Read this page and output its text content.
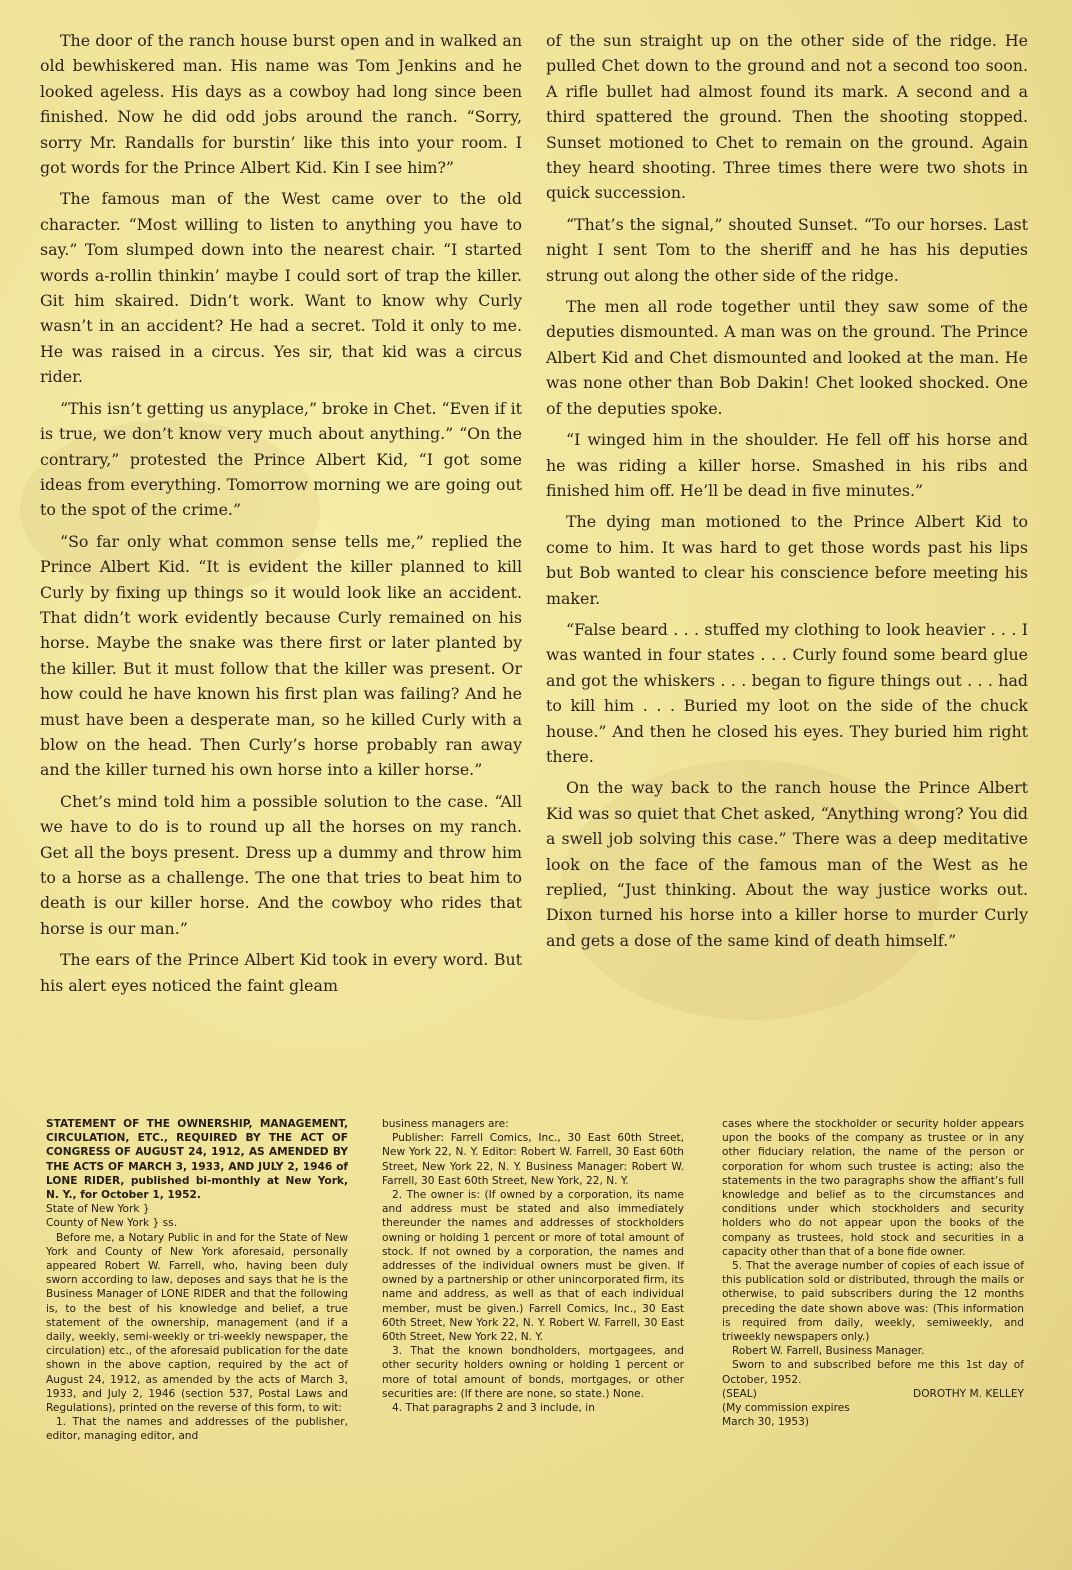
The door of the ranch house burst open and in walked an old bewhiskered man. His name was Tom Jenkins and he looked ageless. His days as a cowboy had long since been finished. Now he did odd jobs around the ranch. “Sorry, sorry Mr. Randalls for burstin’ like this into your room. I got words for the Prince Albert Kid. Kin I see him?”

The famous man of the West came over to the old character. “Most willing to listen to anything you have to say.” Tom slumped down into the nearest chair. “I started words a-rollin thinkin’ maybe I could sort of trap the killer. Git him skaired. Didn’t work. Want to know why Curly wasn’t in an accident? He had a secret. Told it only to me. He was raised in a circus. Yes sir, that kid was a circus rider.

“This isn’t getting us anyplace,” broke in Chet. “Even if it is true, we don’t know very much about anything.” “On the contrary,” protested the Prince Albert Kid, “I got some ideas from everything. Tomorrow morning we are going out to the spot of the crime.”

“So far only what common sense tells me,” replied the Prince Albert Kid. “It is evident the killer planned to kill Curly by fixing up things so it would look like an accident. That didn’t work evidently because Curly remained on his horse. Maybe the snake was there first or later planted by the killer. But it must follow that the killer was present. Or how could he have known his first plan was failing? And he must have been a desperate man, so he killed Curly with a blow on the head. Then Curly’s horse probably ran away and the killer turned his own horse into a killer horse.”

Chet’s mind told him a possible solution to the case. “All we have to do is to round up all the horses on my ranch. Get all the boys present. Dress up a dummy and throw him to a horse as a challenge. The one that tries to beat him to death is our killer horse. And the cowboy who rides that horse is our man.”

The ears of the Prince Albert Kid took in every word. But his alert eyes noticed the faint gleam

of the sun straight up on the other side of the ridge. He pulled Chet down to the ground and not a second too soon. A rifle bullet had almost found its mark. A second and a third spattered the ground. Then the shooting stopped. Sunset motioned to Chet to remain on the ground. Again they heard shooting. Three times there were two shots in quick succession.

“That’s the signal,” shouted Sunset. “To our horses. Last night I sent Tom to the sheriff and he has his deputies strung out along the other side of the ridge.

The men all rode together until they saw some of the deputies dismounted. A man was on the ground. The Prince Albert Kid and Chet dismounted and looked at the man. He was none other than Bob Dakin! Chet looked shocked. One of the deputies spoke.

“I winged him in the shoulder. He fell off his horse and he was riding a killer horse. Smashed in his ribs and finished him off. He’ll be dead in five minutes.”

The dying man motioned to the Prince Albert Kid to come to him. It was hard to get those words past his lips but Bob wanted to clear his conscience before meeting his maker.

“False beard . . . stuffed my clothing to look heavier . . . I was wanted in four states . . . Curly found some beard glue and got the whiskers . . . began to figure things out . . . had to kill him . . . Buried my loot on the side of the chuck house.” And then he closed his eyes. They buried him right there.

On the way back to the ranch house the Prince Albert Kid was so quiet that Chet asked, “Anything wrong? You did a swell job solving this case.” There was a deep meditative look on the face of the famous man of the West as he replied, “Just thinking. About the way justice works out. Dixon turned his horse into a killer horse to murder Curly and gets a dose of the same kind of death himself.”

STATEMENT OF THE OWNERSHIP, MANAGEMENT, CIRCULATION, ETC., REQUIRED BY THE ACT OF CONGRESS OF AUGUST 24, 1912, AS AMENDED BY THE ACTS OF MARCH 3, 1933, AND JULY 2, 1946 of LONE RIDER, published bi-monthly at New York, N. Y., for October 1, 1952.

State of New York }

County of New York } ss.

Before me, a Notary Public in and for the State of New York and County of New York aforesaid, personally appeared Robert W. Farrell, who, having been duly sworn according to law, deposes and says that he is the Business Manager of LONE RIDER and that the following is, to the best of his knowledge and belief, a true statement of the ownership, management (and if a daily, weekly, semi-weekly or tri-weekly newspaper, the circulation) etc., of the aforesaid publication for the date shown in the above caption, required by the act of August 24, 1912, as amended by the acts of March 3, 1933, and July 2, 1946 (section 537, Postal Laws and Regulations), printed on the reverse of this form, to wit:

1. That the names and addresses of the publisher, editor, managing editor, and

business managers are:

Publisher: Farrell Comics, Inc., 30 East 60th Street, New York 22, N. Y. Editor: Robert W. Farrell, 30 East 60th Street, New York 22, N. Y. Business Manager: Robert W. Farrell, 30 East 60th Street, New York, 22, N. Y.

2. The owner is: (If owned by a corporation, its name and address must be stated and also immediately thereunder the names and addresses of stockholders owning or holding 1 percent or more of total amount of stock. If not owned by a corporation, the names and addresses of the individual owners must be given. If owned by a partnership or other unincorporated firm, its name and address, as well as that of each individual member, must be given.) Farrell Comics, Inc., 30 East 60th Street, New York 22, N. Y. Robert W. Farrell, 30 East 60th Street, New York 22, N. Y.

3. That the known bondholders, mortgagees, and other security holders owning or holding 1 percent or more of total amount of bonds, mortgages, or other securities are: (If there are none, so state.) None.

4. That paragraphs 2 and 3 include, in

cases where the stockholder or security holder appears upon the books of the company as trustee or in any other fiduciary relation, the name of the person or corporation for whom such trustee is acting; also the statements in the two paragraphs show the affiant’s full knowledge and belief as to the circumstances and conditions under which stockholders and security holders who do not appear upon the books of the company as trustees, hold stock and securities in a capacity other than that of a bone fide owner.

5. That the average number of copies of each issue of this publication sold or distributed, through the mails or otherwise, to paid subscribers during the 12 months preceding the date shown above was: (This information is required from daily, weekly, semiweekly, and triweekly newspapers only.)

Robert W. Farrell, Business Manager.

Sworn to and subscribed before me this 1st day of October, 1952.

(SEAL)	DOROTHY M. KELLEY
(My commission expires
March 30, 1953)
